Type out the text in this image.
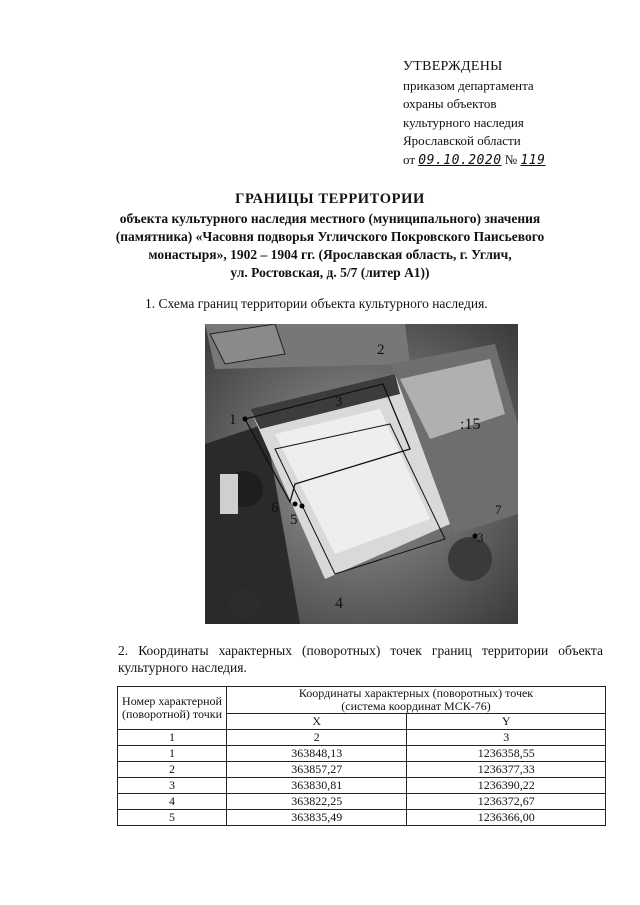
УТВЕРЖДЕНЫ
приказом департамента
охраны объектов
культурного наследия
Ярославской области
от 09.10.2020 № 119
ГРАНИЦЫ ТЕРРИТОРИИ
объекта культурного наследия местного (муниципального) значения
(памятника) «Часовня подворья Угличского Покровского Паисьевого
монастыря», 1902 – 1904 гг. (Ярославская область, г. Углич,
ул. Ростовская, д. 5/7 (литер А1))
1. Схема границ территории объекта культурного наследия.
1
2
3
4
5
6
:15
7
3
2. Координаты характерных (поворотных) точек границ территории объекта культурного наследия.
Номер характерной (поворотной) точки	Координаты характерных (поворотных) точек
(система координат МСК-76)	

	X	Y
1	2	3
1	363848,13	1236358,55
2	363857,27	1236377,33
3	363830,81	1236390,22
4	363822,25	1236372,67
5	363835,49	1236366,00
